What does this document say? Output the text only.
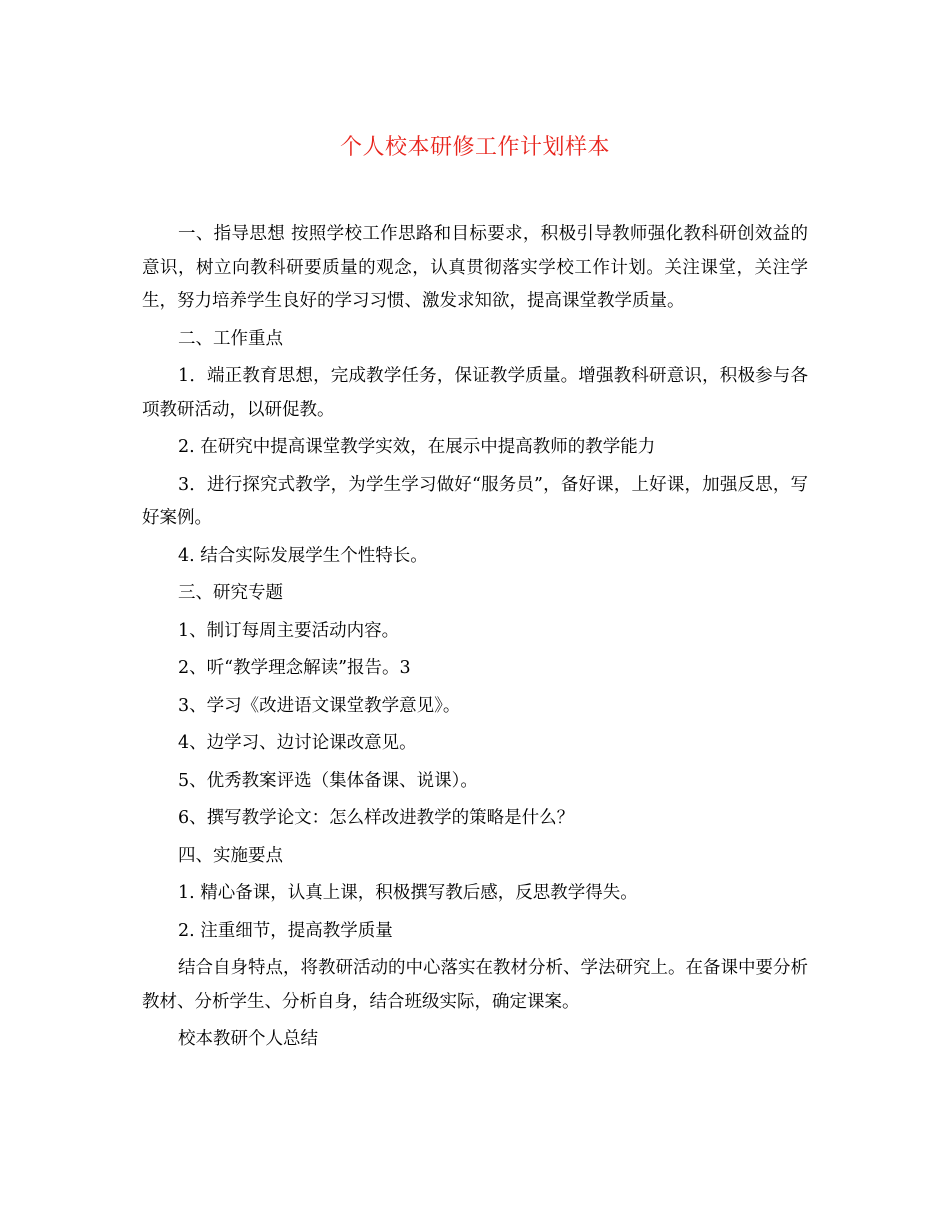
个人校本研修工作计划样本

一、指导思想 按照学校工作思路和目标要求，积极引导教师强化教科研创效益的意识，树立向教科研要质量的观念，认真贯彻落实学校工作计划。关注课堂，关注学生，努力培养学生良好的学习习惯、激发求知欲，提高课堂教学质量。

二、工作重点

1．端正教育思想，完成教学任务，保证教学质量。增强教科研意识，积极参与各项教研活动，以研促教。

2. 在研究中提高课堂教学实效，在展示中提高教师的教学能力

3．进行探究式教学，为学生学习做好“服务员”，备好课，上好课，加强反思，写好案例。

4. 结合实际发展学生个性特长。

三、研究专题

1、制订每周主要活动内容。

2、听“教学理念解读”报告。3

3、学习《改进语文课堂教学意见》。

4、边学习、边讨论课改意见。

5、优秀教案评选（集体备课、说课）。

6、撰写教学论文：怎么样改进教学的策略是什么？

四、实施要点

1. 精心备课，认真上课，积极撰写教后感，反思教学得失。

2. 注重细节，提高教学质量

结合自身特点，将教研活动的中心落实在教材分析、学法研究上。在备课中要分析教材、分析学生、分析自身，结合班级实际，确定课案。

校本教研个人总结
